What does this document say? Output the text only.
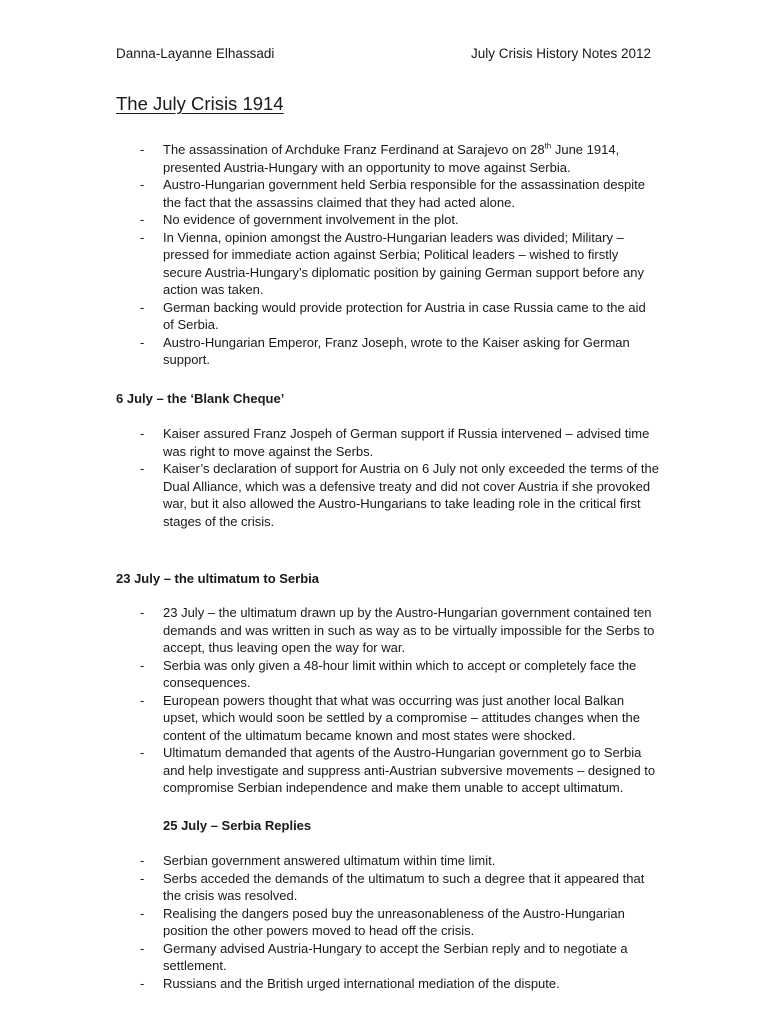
Danna-Layanne Elhassadi	July Crisis History Notes 2012
The July Crisis 1914
-	The assassination of Archduke Franz Ferdinand at Sarajevo on 28th June 1914, presented Austria-Hungary with an opportunity to move against Serbia.
-	Austro-Hungarian government held Serbia responsible for the assassination despite the fact that the assassins claimed that they had acted alone.
-	No evidence of government involvement in the plot.
-	In Vienna, opinion amongst the Austro-Hungarian leaders was divided; Military – pressed for immediate action against Serbia; Political leaders – wished to firstly secure Austria-Hungary’s diplomatic position by gaining German support before any action was taken.
-	German backing would provide protection for Austria in case Russia came to the aid of Serbia.
-	Austro-Hungarian Emperor, Franz Joseph, wrote to the Kaiser asking for German support.
6 July – the ‘Blank Cheque’
-	Kaiser assured Franz Jospeh of German support if Russia intervened – advised time was right to move against the Serbs.
-	Kaiser’s declaration of support for Austria on 6 July not only exceeded the terms of the Dual Alliance, which was a defensive treaty and did not cover Austria if she provoked war, but it also allowed the Austro-Hungarians to take leading role in the critical first stages of the crisis.
23 July – the ultimatum to Serbia
-	23 July – the ultimatum drawn up by the Austro-Hungarian government contained ten demands and was written in such as way as to be virtually impossible for the Serbs to accept, thus leaving open the way for war.
-	Serbia was only given a 48-hour limit within which to accept or completely face the consequences.
-	European powers thought that what was occurring was just another local Balkan upset, which would soon be settled by a compromise – attitudes changes when the content of the ultimatum became known and most states were shocked.
-	Ultimatum demanded that agents of the Austro-Hungarian government go to Serbia and help investigate and suppress anti-Austrian subversive movements – designed to compromise Serbian independence and make them unable to accept ultimatum.
25 July – Serbia Replies
-	Serbian government answered ultimatum within time limit.
-	Serbs acceded the demands of the ultimatum to such a degree that it appeared that the crisis was resolved.
-	Realising the dangers posed buy the unreasonableness of the Austro-Hungarian position the other powers moved to head off the crisis.
-	Germany advised Austria-Hungary to accept the Serbian reply and to negotiate a settlement.
-	Russians and the British urged international mediation of the dispute.
